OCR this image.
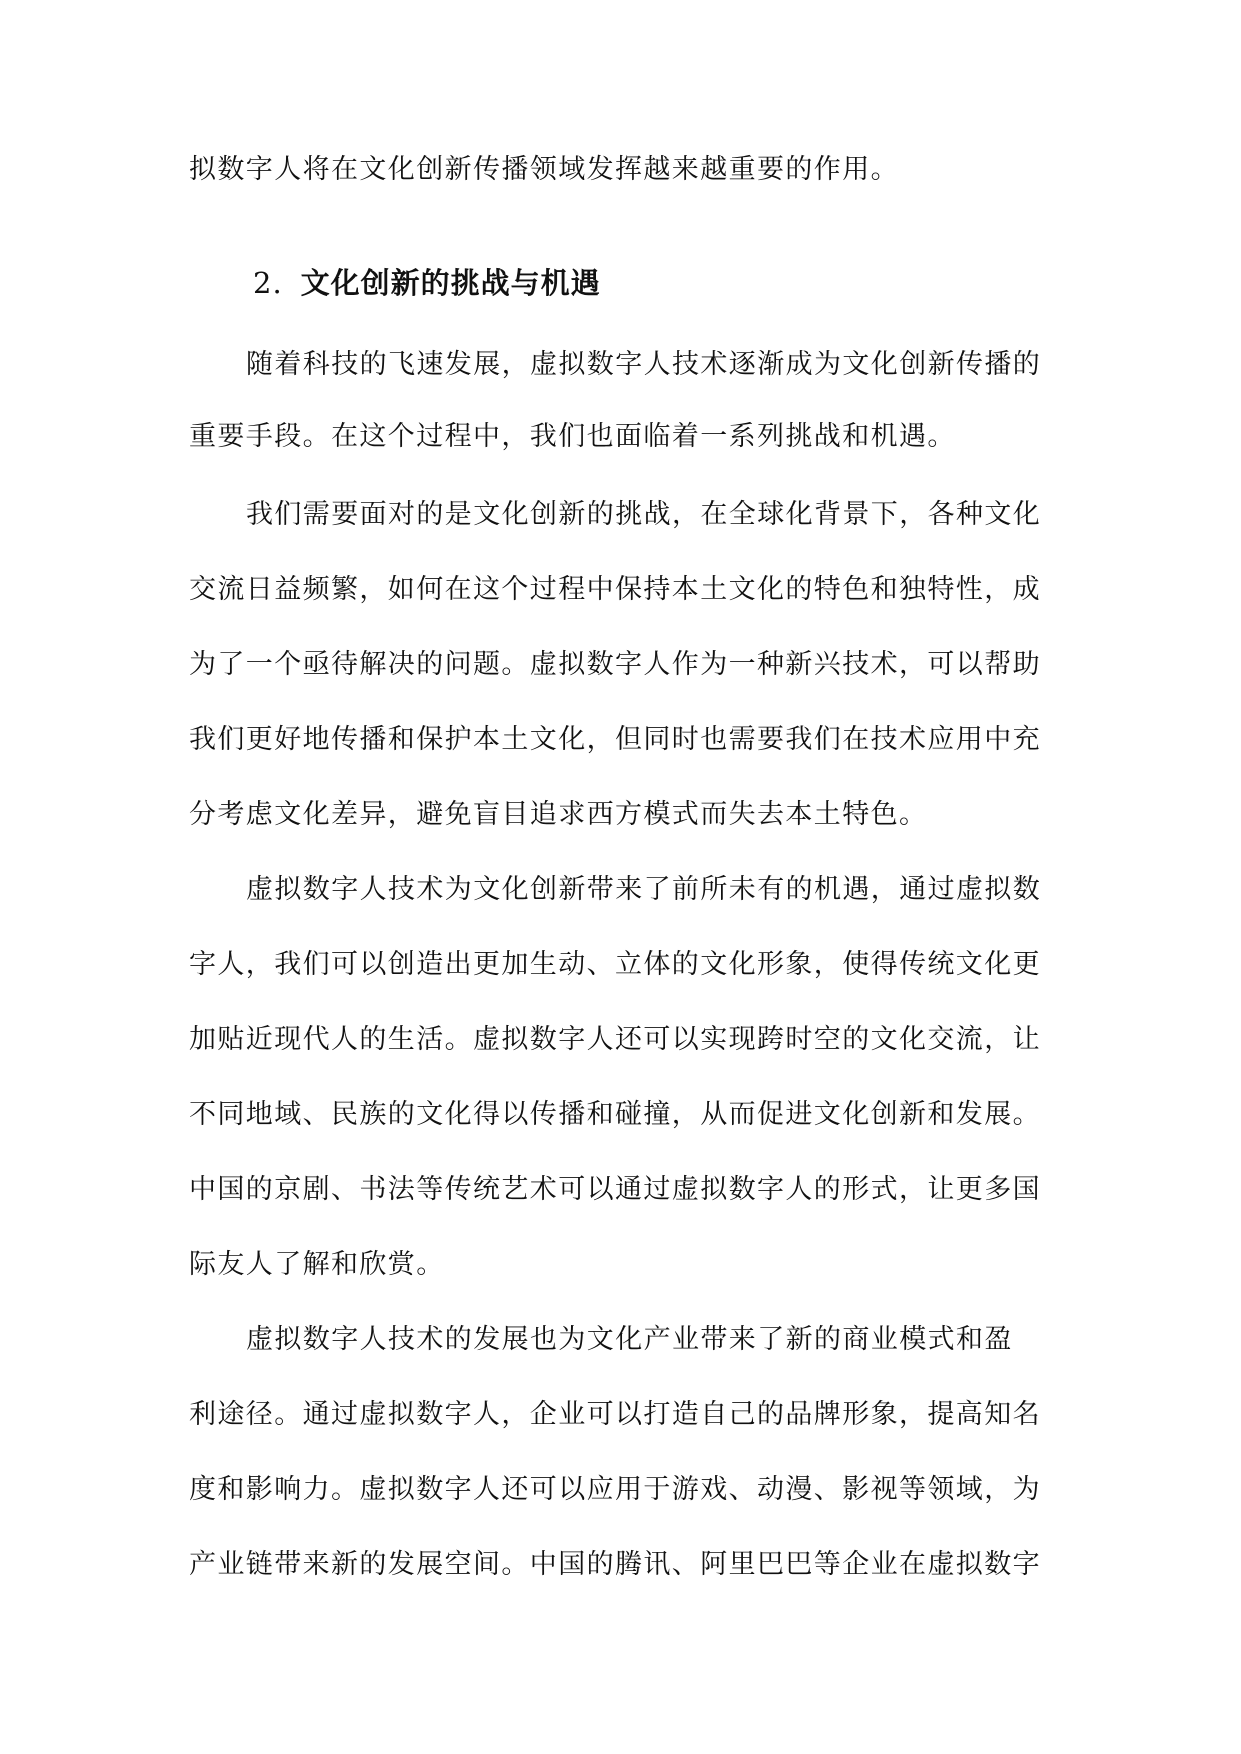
拟数字人将在文化创新传播领域发挥越来越重要的作用。
2. 文化创新的挑战与机遇
随着科技的飞速发展，虚拟数字人技术逐渐成为文化创新传播的
重要手段。在这个过程中，我们也面临着一系列挑战和机遇。
我们需要面对的是文化创新的挑战，在全球化背景下，各种文化
交流日益频繁，如何在这个过程中保持本土文化的特色和独特性，成
为了一个亟待解决的问题。虚拟数字人作为一种新兴技术，可以帮助
我们更好地传播和保护本土文化，但同时也需要我们在技术应用中充
分考虑文化差异，避免盲目追求西方模式而失去本土特色。
虚拟数字人技术为文化创新带来了前所未有的机遇，通过虚拟数
字人，我们可以创造出更加生动、立体的文化形象，使得传统文化更
加贴近现代人的生活。虚拟数字人还可以实现跨时空的文化交流，让
不同地域、民族的文化得以传播和碰撞，从而促进文化创新和发展。
中国的京剧、书法等传统艺术可以通过虚拟数字人的形式，让更多国
际友人了解和欣赏。
虚拟数字人技术的发展也为文化产业带来了新的商业模式和盈
利途径。通过虚拟数字人，企业可以打造自己的品牌形象，提高知名
度和影响力。虚拟数字人还可以应用于游戏、动漫、影视等领域，为
产业链带来新的发展空间。中国的腾讯、阿里巴巴等企业在虚拟数字
